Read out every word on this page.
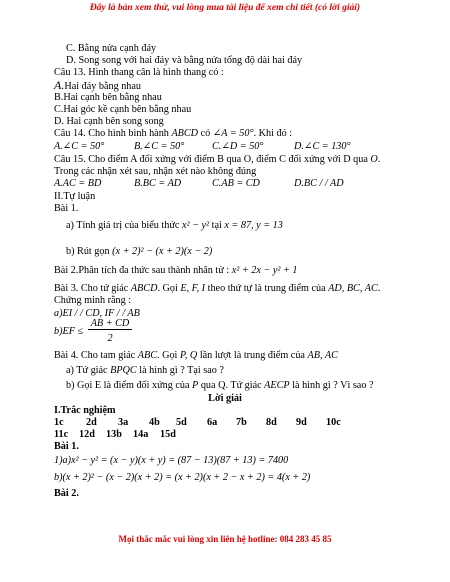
Đây là bản xem thử, vui lòng mua tài liệu để xem chi tiết (có lời giải)
C. Bằng nửa cạnh đáy
D. Song song với hai đáy và bằng nửa tổng độ dài hai đáy
Câu 13. Hình thang cân là hình thang có :
A.Hai đáy bằng nhau
B.Hai cạnh bên bằng nhau
C.Hai góc kề cạnh bên bằng nhau
D. Hai cạnh bên song song
Câu 14. Cho hình bình hành ABCD có ∠A = 50°. Khi đó :
A.∠C = 50°	B.∠C = 50°	C.∠D = 50°	D.∠C = 130°
Câu 15. Cho điểm A đối xứng với điểm B qua O, điểm C đối xứng với D qua O.
Trong các nhận xét sau, nhận xét nào không đúng
A.AC = BD	B.BC = AD	C.AB = CD	D.BC / / AD
II.Tự luận
Bài 1.
a) Tính giá trị của biểu thức x² − y² tại x = 87, y = 13
b) Rút gọn (x + 2)² − (x + 2)(x − 2)
Bài 2.Phân tích đa thức sau thành nhân tử : x² + 2x − y² + 1
Bài 3. Cho tứ giác ABCD. Gọi E, F, I theo thứ tự là trung điểm của AD, BC, AC.
Chứng minh rằng :
a)EI / / CD, IF / / AB
b)EF ≤
AB + CD
2
Bài 4. Cho tam giác ABC. Gọi P, Q lần lượt là trung điểm của AB, AC
a) Tứ giác BPQC là hình gì ? Tại sao ?
b) Gọi E là điểm đối xứng của P qua Q. Tứ giác AECP là hình gì ? Vì sao ?
Lời giải
I.Trắc nghiệm
1c 2d 3a 4b 5d 6a 7b 8d 9d 10c
11c 12d 13b 14a 15d
Bài 1.
1)a)x² − y² = (x − y)(x + y) = (87 − 13)(87 + 13) = 7400
b)(x + 2)² − (x − 2)(x + 2) = (x + 2)(x + 2 − x + 2) = 4(x + 2)
Bài 2.
Mọi thắc mắc vui lòng xin liên hệ hotline: 084 283 45 85
